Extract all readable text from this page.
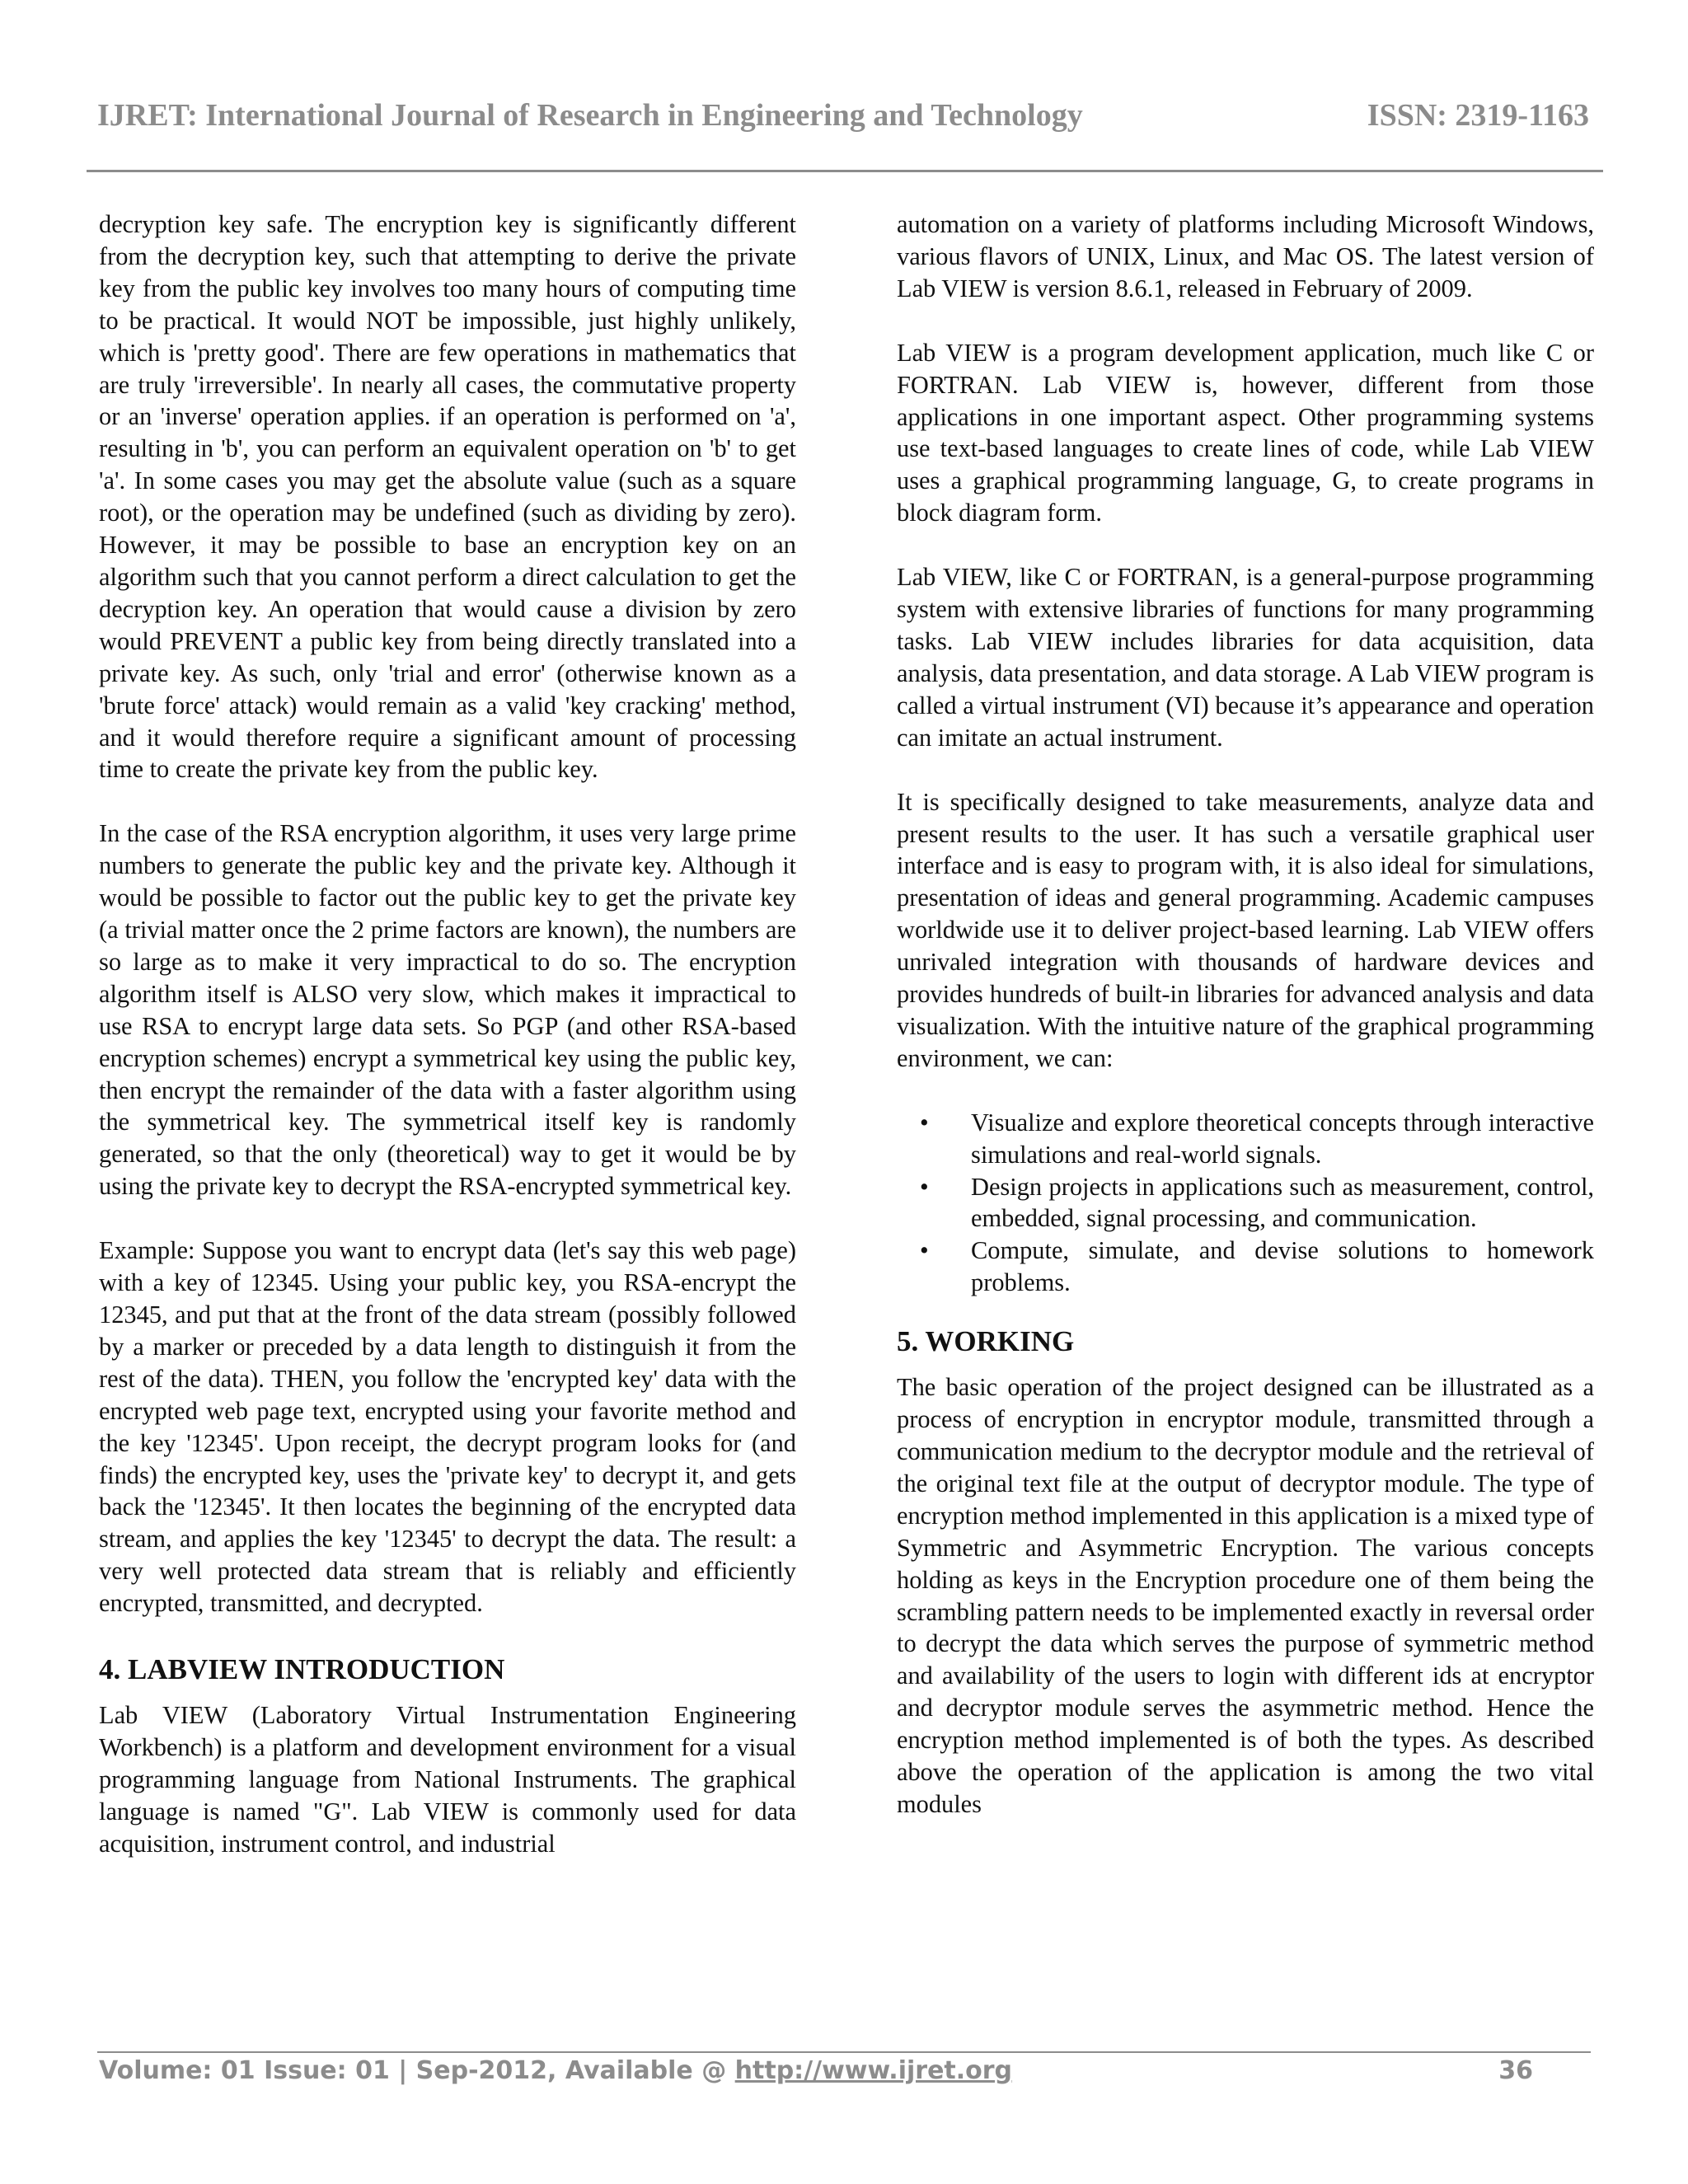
IJRET: International Journal of Research in Engineering and Technology	ISSN: 2319-1163

decryption key safe. The encryption key is significantly different from the decryption key, such that attempting to derive the private key from the public key involves too many hours of computing time to be practical. It would NOT be impossible, just highly unlikely, which is 'pretty good'. There are few operations in mathematics that are truly 'irreversible'. In nearly all cases, the commutative property or an 'inverse' operation applies. if an operation is performed on 'a', resulting in 'b', you can perform an equivalent operation on 'b' to get 'a'. In some cases you may get the absolute value (such as a square root), or the operation may be undefined (such as dividing by zero). However, it may be possible to base an encryption key on an algorithm such that you cannot perform a direct calculation to get the decryption key. An operation that would cause a division by zero would PREVENT a public key from being directly translated into a private key. As such, only 'trial and error' (otherwise known as a 'brute force' attack) would remain as a valid 'key cracking' method, and it would therefore require a significant amount of processing time to create the private key from the public key.

In the case of the RSA encryption algorithm, it uses very large prime numbers to generate the public key and the private key. Although it would be possible to factor out the public key to get the private key (a trivial matter once the 2 prime factors are known), the numbers are so large as to make it very impractical to do so. The encryption algorithm itself is ALSO very slow, which makes it impractical to use RSA to encrypt large data sets. So PGP (and other RSA-based encryption schemes) encrypt a symmetrical key using the public key, then encrypt the remainder of the data with a faster algorithm using the symmetrical key. The symmetrical itself key is randomly generated, so that the only (theoretical) way to get it would be by using the private key to decrypt the RSA-encrypted symmetrical key.

Example: Suppose you want to encrypt data (let's say this web page) with a key of 12345. Using your public key, you RSA-encrypt the 12345, and put that at the front of the data stream (possibly followed by a marker or preceded by a data length to distinguish it from the rest of the data). THEN, you follow the 'encrypted key' data with the encrypted web page text, encrypted using your favorite method and the key '12345'. Upon receipt, the decrypt program looks for (and finds) the encrypted key, uses the 'private key' to decrypt it, and gets back the '12345'. It then locates the beginning of the encrypted data stream, and applies the key '12345' to decrypt the data. The result: a very well protected data stream that is reliably and efficiently encrypted, transmitted, and decrypted.

4. LABVIEW INTRODUCTION

Lab VIEW (Laboratory Virtual Instrumentation Engineering Workbench) is a platform and development environment for a visual programming language from National Instruments. The graphical language is named "G". Lab VIEW is commonly used for data acquisition, instrument control, and industrial

automation on a variety of platforms including Microsoft Windows, various flavors of UNIX, Linux, and Mac OS. The latest version of Lab VIEW is version 8.6.1, released in February of 2009.

Lab VIEW is a program development application, much like C or FORTRAN. Lab VIEW is, however, different from those applications in one important aspect. Other programming systems use text-based languages to create lines of code, while Lab VIEW uses a graphical programming language, G, to create programs in block diagram form.

Lab VIEW, like C or FORTRAN, is a general-purpose programming system with extensive libraries of functions for many programming tasks. Lab VIEW includes libraries for data acquisition, data analysis, data presentation, and data storage. A Lab VIEW program is called a virtual instrument (VI) because it’s appearance and operation can imitate an actual instrument.

It is specifically designed to take measurements, analyze data and present results to the user. It has such a versatile graphical user interface and is easy to program with, it is also ideal for simulations, presentation of ideas and general programming. Academic campuses worldwide use it to deliver project-based learning. Lab VIEW offers unrivaled integration with thousands of hardware devices and provides hundreds of built-in libraries for advanced analysis and data visualization. With the intuitive nature of the graphical programming environment, we can:

• Visualize and explore theoretical concepts through interactive simulations and real-world signals.
• Design projects in applications such as measurement, control, embedded, signal processing, and communication.
• Compute, simulate, and devise solutions to homework problems.
5. WORKING

The basic operation of the project designed can be illustrated as a process of encryption in encryptor module, transmitted through a communication medium to the decryptor module and the retrieval of the original text file at the output of decryptor module. The type of encryption method implemented in this application is a mixed type of Symmetric and Asymmetric Encryption. The various concepts holding as keys in the Encryption procedure one of them being the scrambling pattern needs to be implemented exactly in reversal order to decrypt the data which serves the purpose of symmetric method and availability of the users to login with different ids at encryptor and decryptor module serves the asymmetric method. Hence the encryption method implemented is of both the types. As described above the operation of the application is among the two vital modules

Volume: 01 Issue: 01 | Sep-2012, Available @ http://www.ijret.org	36
